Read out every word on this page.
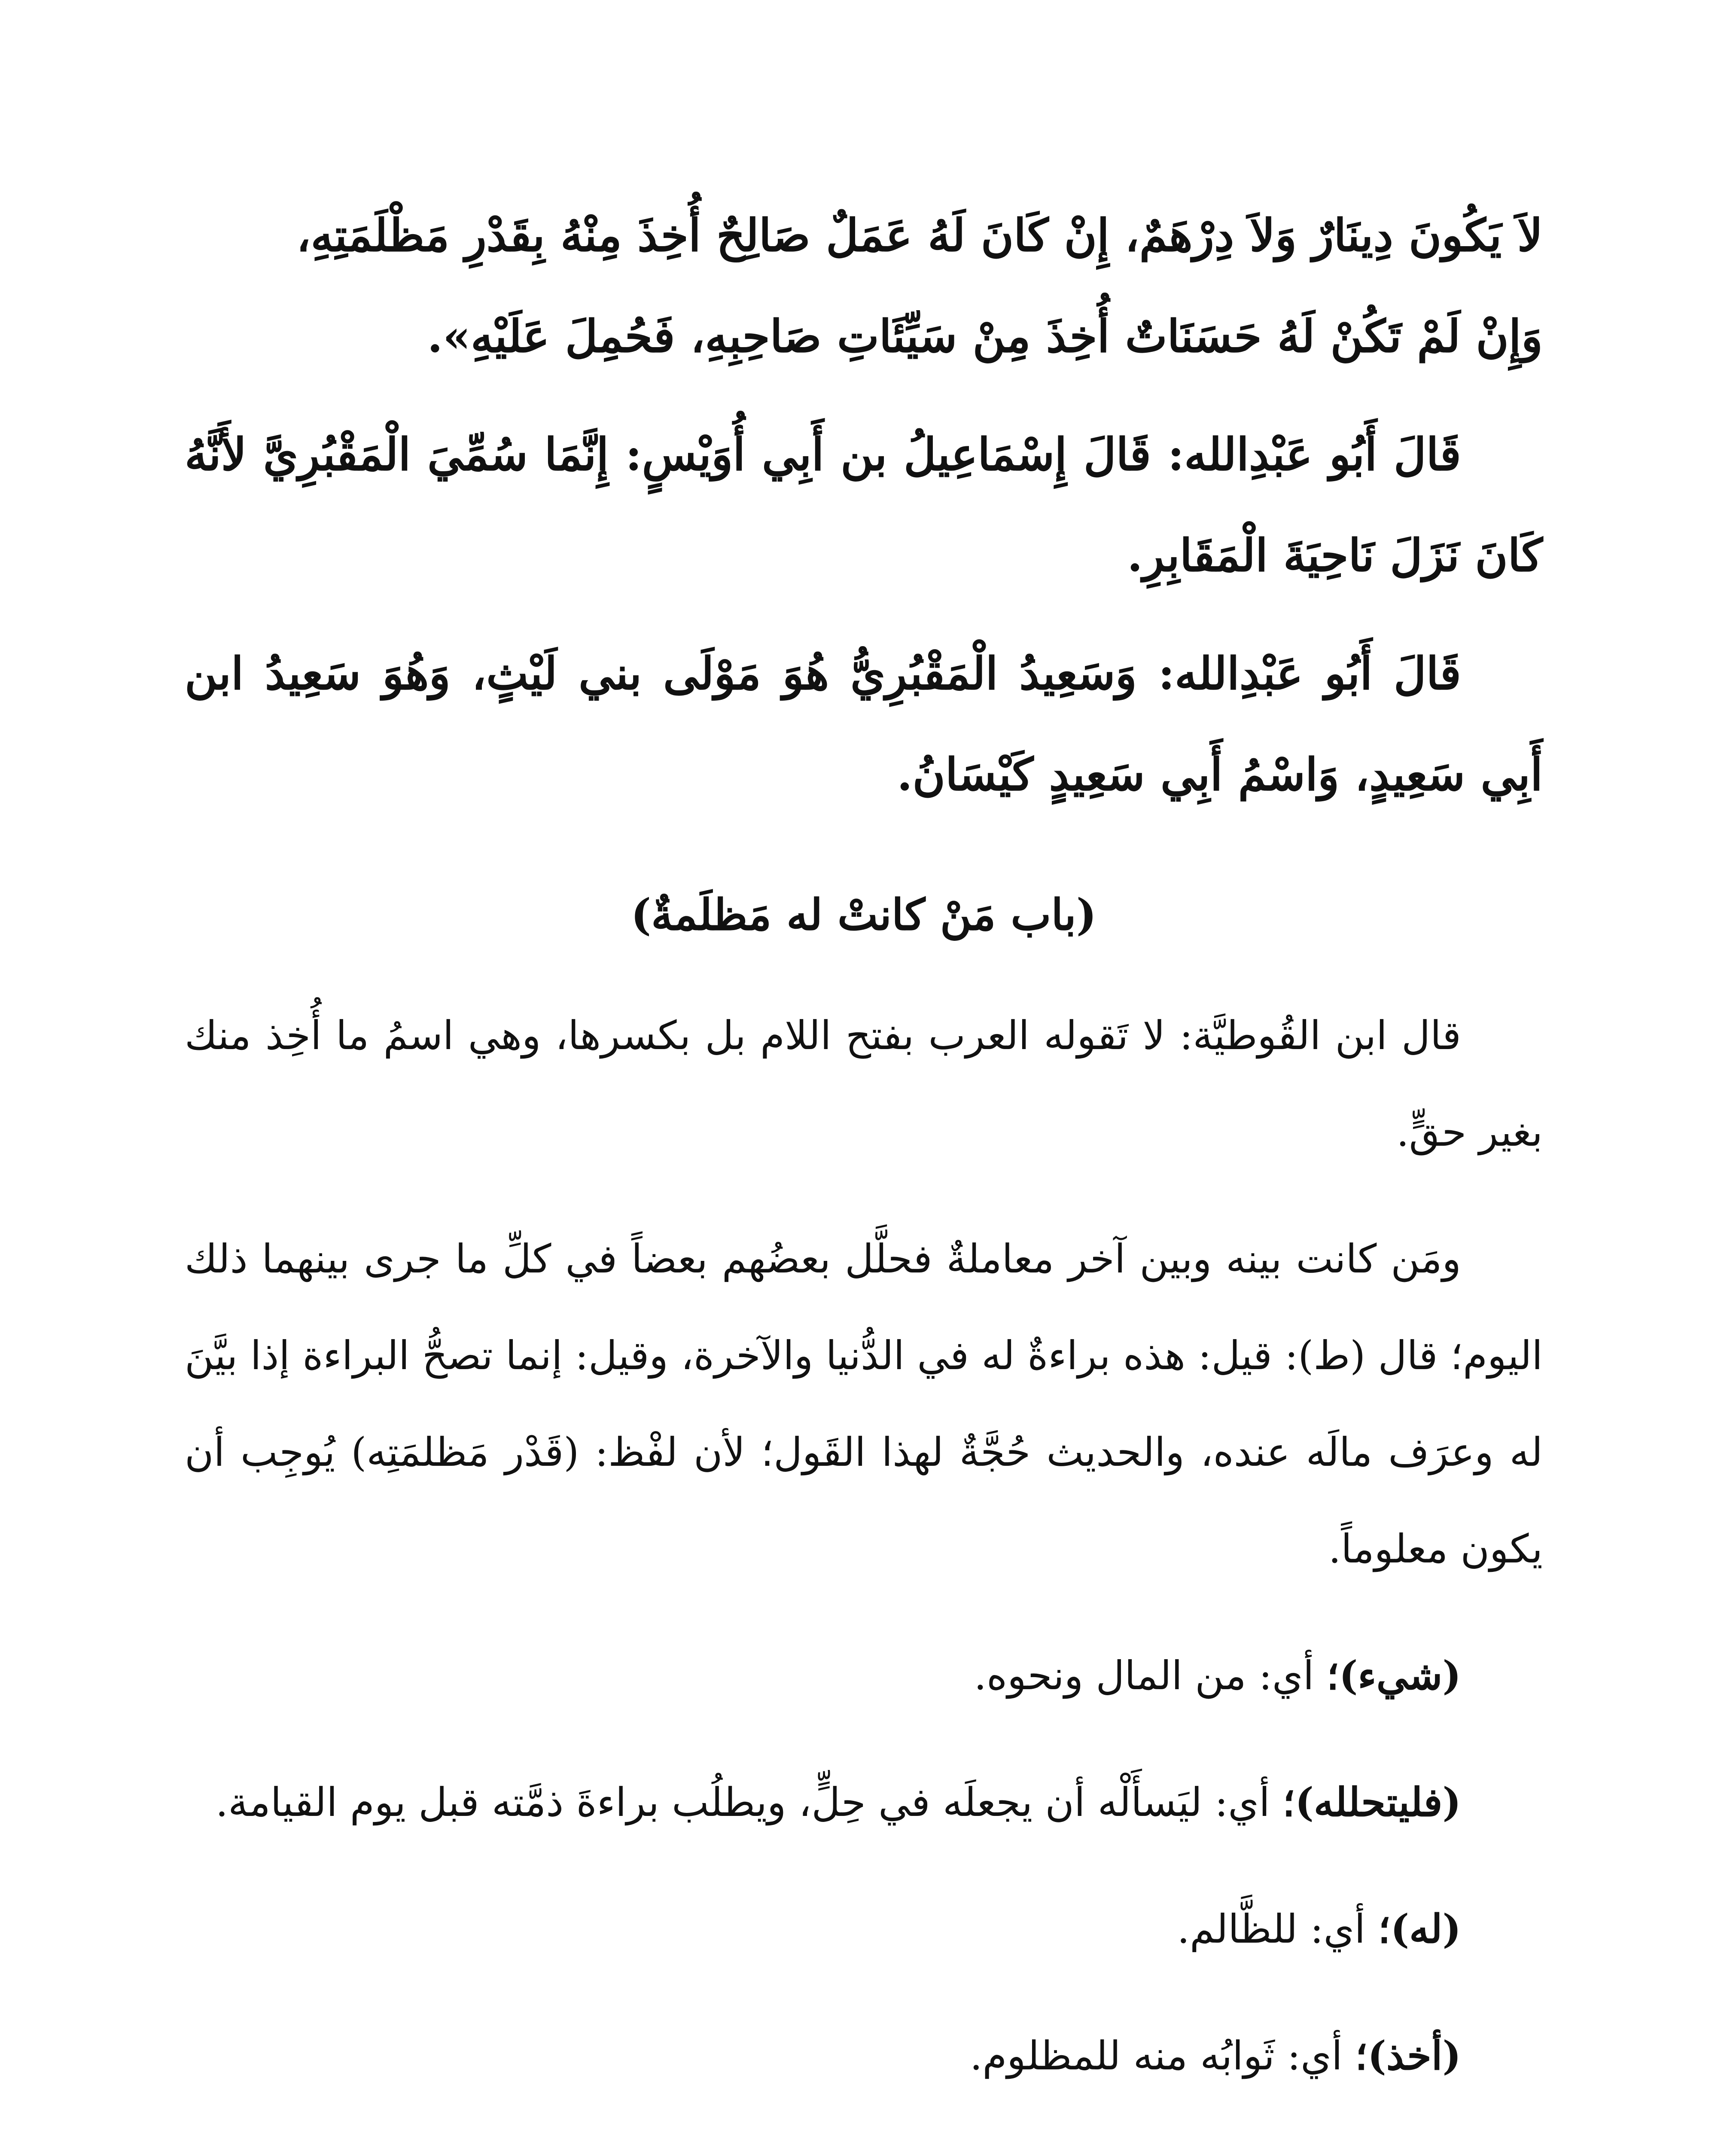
لاَ يَكُونَ دِينَارٌ وَلاَ دِرْهَمٌ، إِنْ كَانَ لَهُ عَمَلٌ صَالِحٌ أُخِذَ مِنْهُ بِقَدْرِ مَظْلَمَتِهِ،

وَإِنْ لَمْ تَكُنْ لَهُ حَسَنَاتٌ أُخِذَ مِنْ سَيِّئَاتِ صَاحِبِهِ، فَحُمِلَ عَلَيْهِ».

قَالَ أَبُو عَبْدِالله: قَالَ إِسْمَاعِيلُ بن أَبِي أُوَيْسٍ: إِنَّمَا سُمِّيَ الْمَقْبُرِيَّ لأَنَّهُ كَانَ نَزَلَ نَاحِيَةَ الْمَقَابِرِ.

قَالَ أَبُو عَبْدِالله: وَسَعِيدُ الْمَقْبُرِيُّ هُوَ مَوْلَى بني لَيْثٍ، وَهُوَ سَعِيدُ ابن أَبِي سَعِيدٍ، وَاسْمُ أَبِي سَعِيدٍ كَيْسَانُ.

(باب مَنْ كانتْ له مَظلَمةٌ)

قال ابن القُوطيَّة: لا تَقوله العرب بفتح اللام بل بكسرها، وهي اسمُ ما أُخِذ منك بغير حقٍّ.

ومَن كانت بينه وبين آخر معاملةٌ فحلَّل بعضُهم بعضاً في كلِّ ما جرى بينهما ذلك اليوم؛ قال (ط): قيل: هذه براءةٌ له في الدُّنيا والآخرة، وقيل: إنما تصحُّ البراءة إذا بيَّنَ له وعرَف مالَه عنده، والحديث حُجَّةٌ لهذا القَول؛ لأن لفْظ: (قَدْر مَظلمَتِه) يُوجِب أن يكون معلوماً.

(شيء)؛ أي: من المال ونحوه.

(فليتحلله)؛ أي: ليَسأَلْه أن يجعلَه في حِلٍّ، ويطلُب براءةَ ذمَّته قبل يوم القيامة.

(له)؛ أي: للظَّالم.

(أخذ)؛ أي: ثَوابُه منه للمظلوم.
